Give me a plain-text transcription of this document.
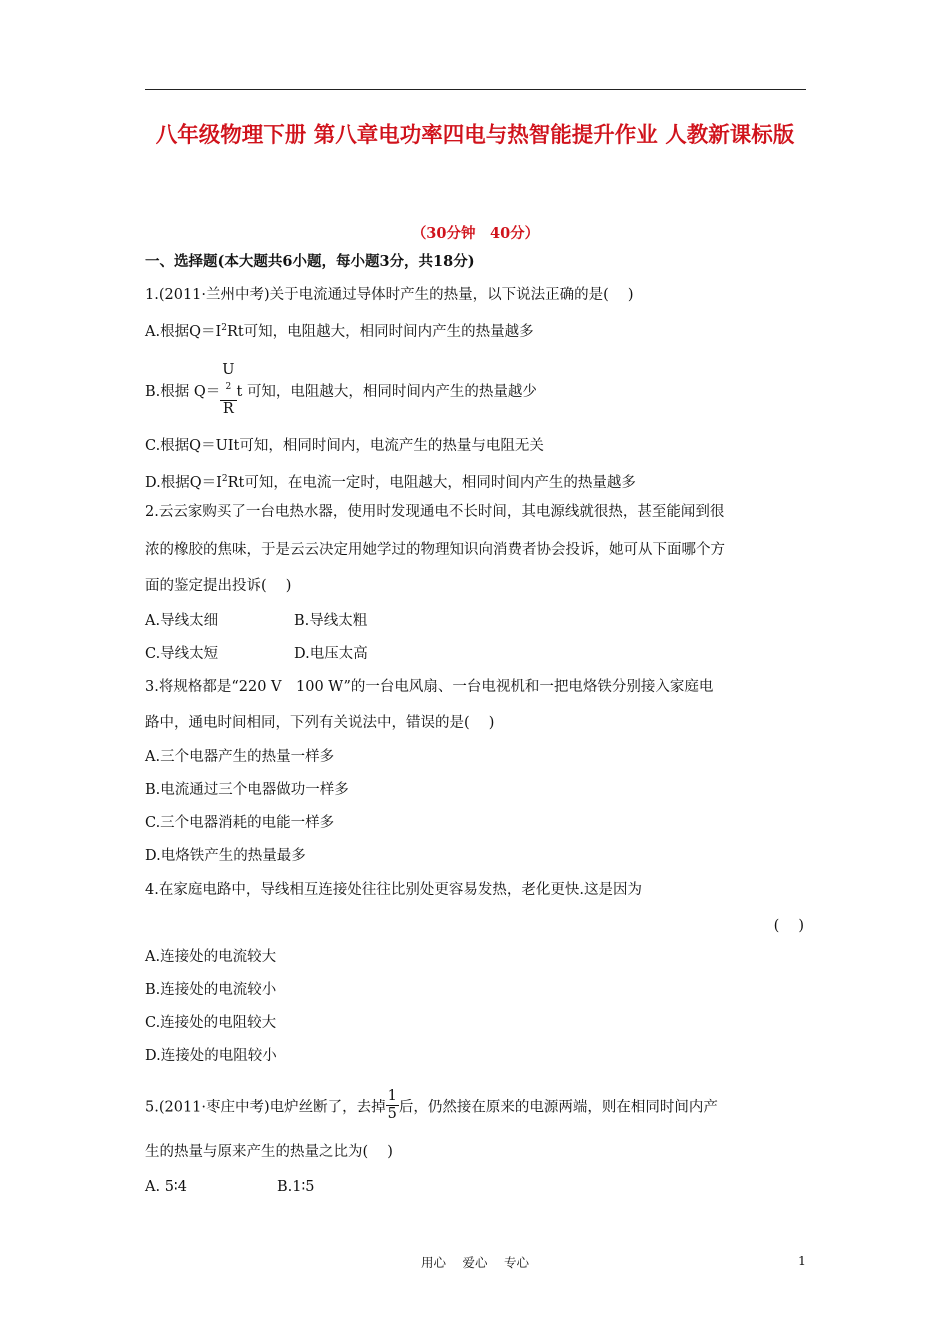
八年级物理下册 第八章电功率四电与热智能提升作业 人教新课标版
（30分钟　40分）
一、选择题(本大题共6小题，每小题3分，共18分)
1.(2011·兰州中考)关于电流通过导体时产生的热量，以下说法正确的是(　 )
A.根据$Q=I^2Rt$可知，电阻越大，相同时间内产生的热量越多
B.根据 Q＝ U
$^2$
R t 可知，电阻越大，相同时间内产生的热量越少
C.根据Q＝UIt可知，相同时间内，电流产生的热量与电阻无关
D.根据$Q=I^2Rt$可知，在电流一定时，电阻越大，相同时间内产生的热量越多
2.云云家购买了一台电热水器，使用时发现通电不长时间，其电源线就很热，甚至能闻到很
浓的橡胶的焦味，于是云云决定用她学过的物理知识向消费者协会投诉，她可从下面哪个方
面的鉴定提出投诉(　 )
A.导线太细	B.导线太粗
C.导线太短	D.电压太高
3.将规格都是“220 V　100 W”的一台电风扇、一台电视机和一把电烙铁分别接入家庭电
路中，通电时间相同，下列有关说法中，错误的是(　 )
A.三个电器产生的热量一样多
B.电流通过三个电器做功一样多
C.三个电器消耗的电能一样多
D.电烙铁产生的热量最多
4.在家庭电路中，导线相互连接处往往比别处更容易发热，老化更快.这是因为
(　 )
A.连接处的电流较大
B.连接处的电流较小
C.连接处的电阻较大
D.连接处的电阻较小
5.(2011·枣庄中考)电炉丝断了，去掉 $\frac{1}{5}$ 后，仍然接在原来的电源两端，则在相同时间内产
生的热量与原来产生的热量之比为(　 )
A. 5∶4	B.1∶5
用心　 爱心　 专心	1
